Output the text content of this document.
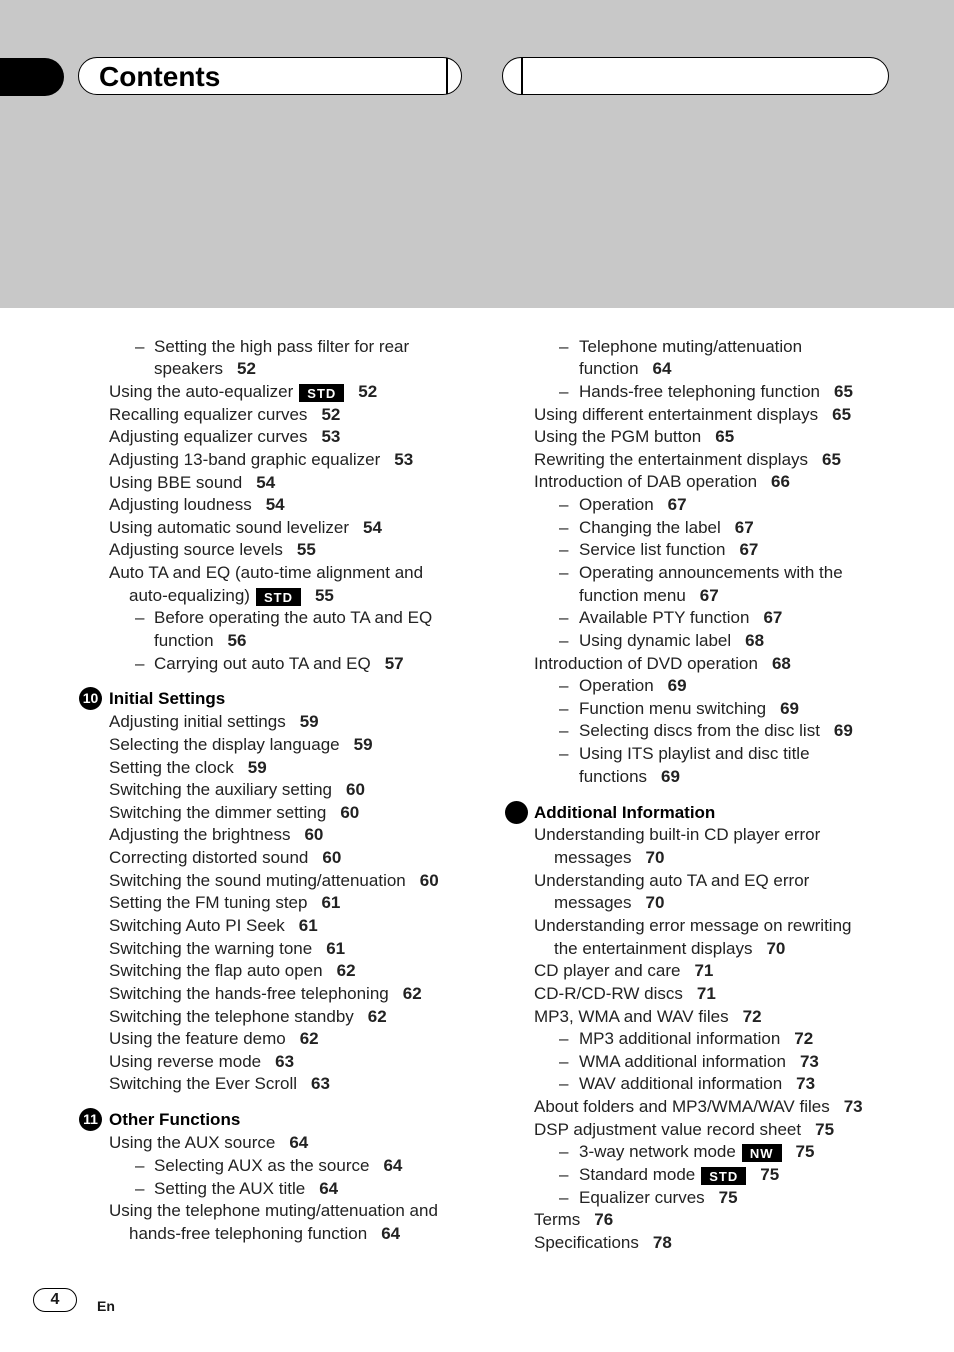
Contents
– Setting the high pass filter for rear
speakers 52
Using the auto-equalizer STD 52
Recalling equalizer curves 52
Adjusting equalizer curves 53
Adjusting 13-band graphic equalizer 53
Using BBE sound 54
Adjusting loudness 54
Using automatic sound levelizer 54
Adjusting source levels 55
Auto TA and EQ (auto-time alignment and
auto-equalizing) STD 55
– Before operating the auto TA and EQ
function 56
– Carrying out auto TA and EQ 57
10 Initial Settings
Adjusting initial settings 59
Selecting the display language 59
Setting the clock 59
Switching the auxiliary setting 60
Switching the dimmer setting 60
Adjusting the brightness 60
Correcting distorted sound 60
Switching the sound muting/attenuation 60
Setting the FM tuning step 61
Switching Auto PI Seek 61
Switching the warning tone 61
Switching the flap auto open 62
Switching the hands-free telephoning 62
Switching the telephone standby 62
Using the feature demo 62
Using reverse mode 63
Switching the Ever Scroll 63
11 Other Functions
Using the AUX source 64
– Selecting AUX as the source 64
– Setting the AUX title 64
Using the telephone muting/attenuation and
hands-free telephoning function 64
– Telephone muting/attenuation
function 64
– Hands-free telephoning function 65
Using different entertainment displays 65
Using the PGM button 65
Rewriting the entertainment displays 65
Introduction of DAB operation 66
– Operation 67
– Changing the label 67
– Service list function 67
– Operating announcements with the
function menu 67
– Available PTY function 67
– Using dynamic label 68
Introduction of DVD operation 68
– Operation 69
– Function menu switching 69
– Selecting discs from the disc list 69
– Using ITS playlist and disc title
functions 69
Additional Information
Understanding built-in CD player error
messages 70
Understanding auto TA and EQ error
messages 70
Understanding error message on rewriting
the entertainment displays 70
CD player and care 71
CD-R/CD-RW discs 71
MP3, WMA and WAV files 72
– MP3 additional information 72
– WMA additional information 73
– WAV additional information 73
About folders and MP3/WMA/WAV files 73
DSP adjustment value record sheet 75
– 3-way network mode NW 75
– Standard mode STD 75
– Equalizer curves 75
Terms 76
Specifications 78
4	En
